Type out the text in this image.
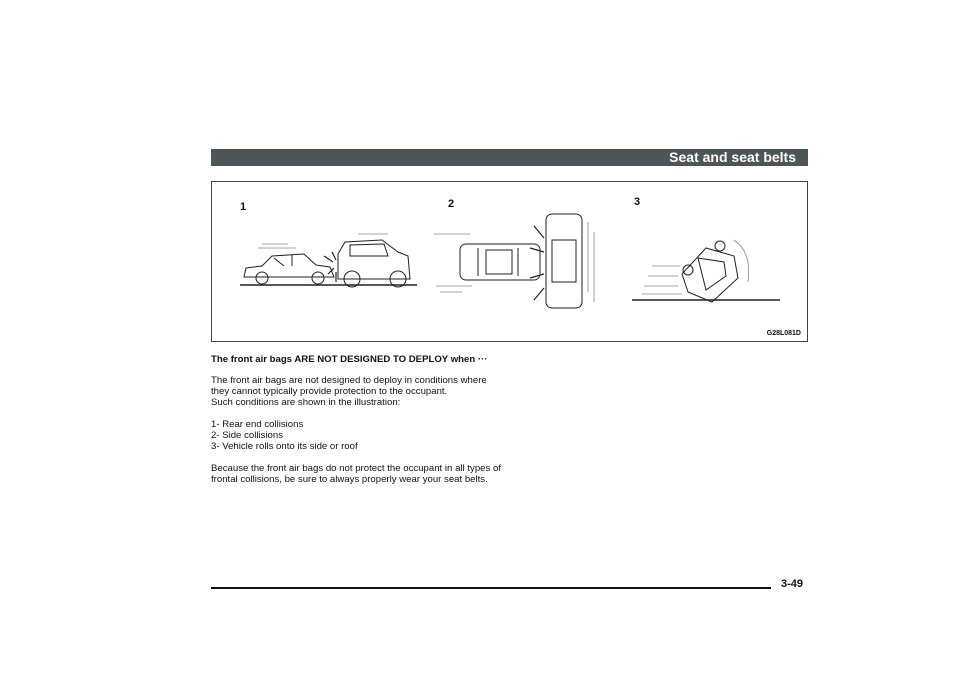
Seat and seat belts
1	2	3
G28L081D

The front air bags ARE NOT DESIGNED TO DEPLOY when ···

The front air bags are not designed to deploy in conditions where they cannot typically provide protection to the occupant.

Such conditions are shown in the illustration:

1- Rear end collisions
2- Side collisions
3- Vehicle rolls onto its side or roof

Because the front air bags do not protect the occupant in all types of frontal collisions, be sure to always properly wear your seat belts.

3-49
